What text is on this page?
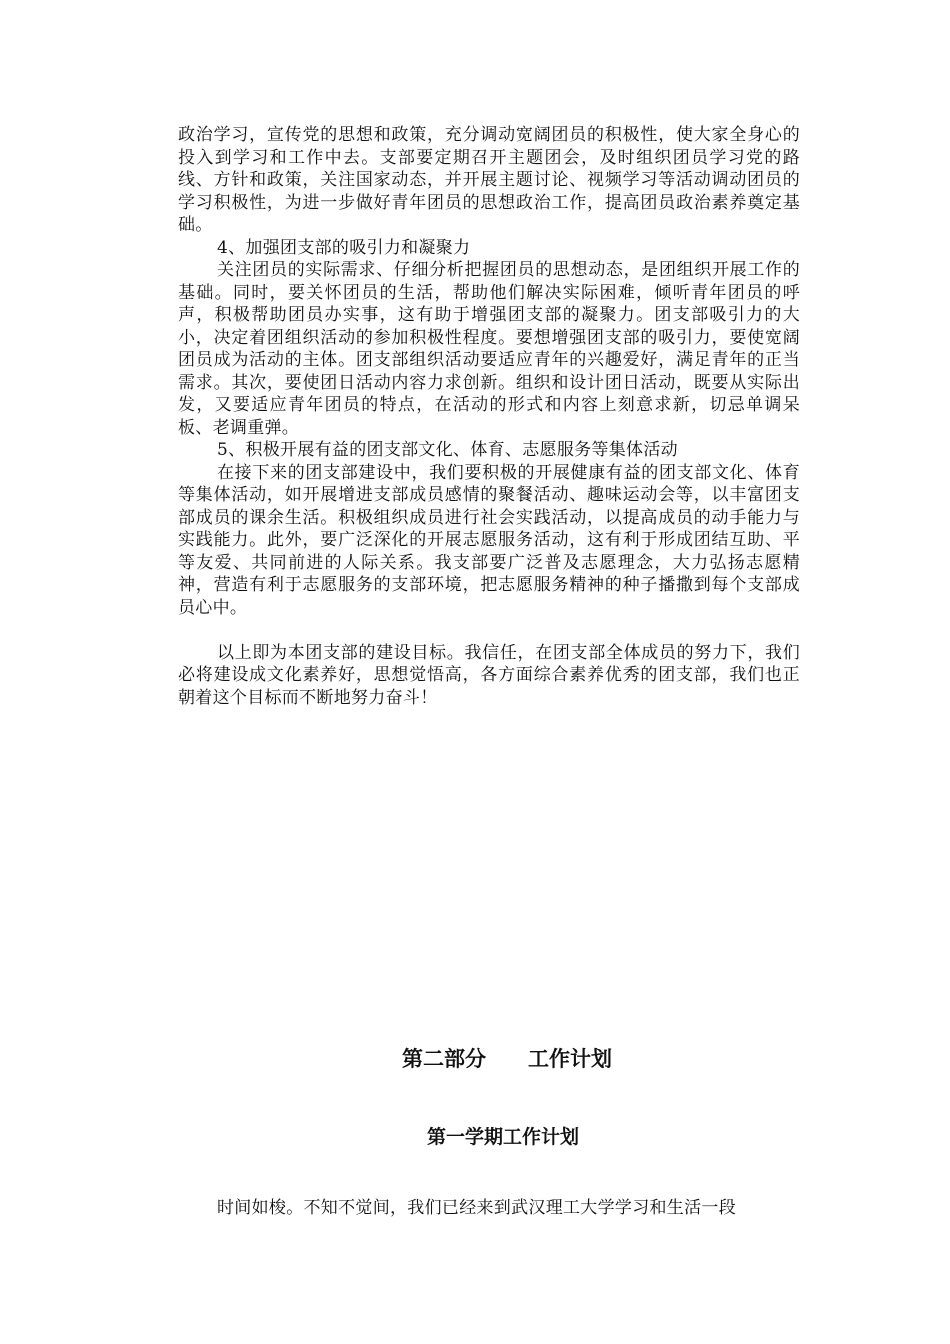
政治学习，宣传党的思想和政策，充分调动宽阔团员的积极性，使大家全身心的投入到学习和工作中去。支部要定期召开主题团会，及时组织团员学习党的路线、方针和政策，关注国家动态，并开展主题讨论、视频学习等活动调动团员的学习积极性，为进一步做好青年团员的思想政治工作，提高团员政治素养奠定基础。

4、加强团支部的吸引力和凝聚力

关注团员的实际需求、仔细分析把握团员的思想动态，是团组织开展工作的基础。同时，要关怀团员的生活，帮助他们解决实际困难，倾听青年团员的呼声，积极帮助团员办实事，这有助于增强团支部的凝聚力。团支部吸引力的大小，决定着团组织活动的参加积极性程度。要想增强团支部的吸引力，要使宽阔团员成为活动的主体。团支部组织活动要适应青年的兴趣爱好，满足青年的正当需求。其次，要使团日活动内容力求创新。组织和设计团日活动，既要从实际出发，又要适应青年团员的特点，在活动的形式和内容上刻意求新，切忌单调呆板、老调重弹。

5、积极开展有益的团支部文化、体育、志愿服务等集体活动

在接下来的团支部建设中，我们要积极的开展健康有益的团支部文化、体育等集体活动，如开展增进支部成员感情的聚餐活动、趣味运动会等，以丰富团支部成员的课余生活。积极组织成员进行社会实践活动，以提高成员的动手能力与实践能力。此外，要广泛深化的开展志愿服务活动，这有利于形成团结互助、平等友爱、共同前进的人际关系。我支部要广泛普及志愿理念，大力弘扬志愿精神，营造有利于志愿服务的支部环境，把志愿服务精神的种子播撒到每个支部成员心中。

以上即为本团支部的建设目标。我信任，在团支部全体成员的努力下，我们必将建设成文化素养好，思想觉悟高，各方面综合素养优秀的团支部，我们也正朝着这个目标而不断地努力奋斗！

第二部分　　工作计划
第一学期工作计划
时间如梭。不知不觉间，我们已经来到武汉理工大学学习和生活一段
